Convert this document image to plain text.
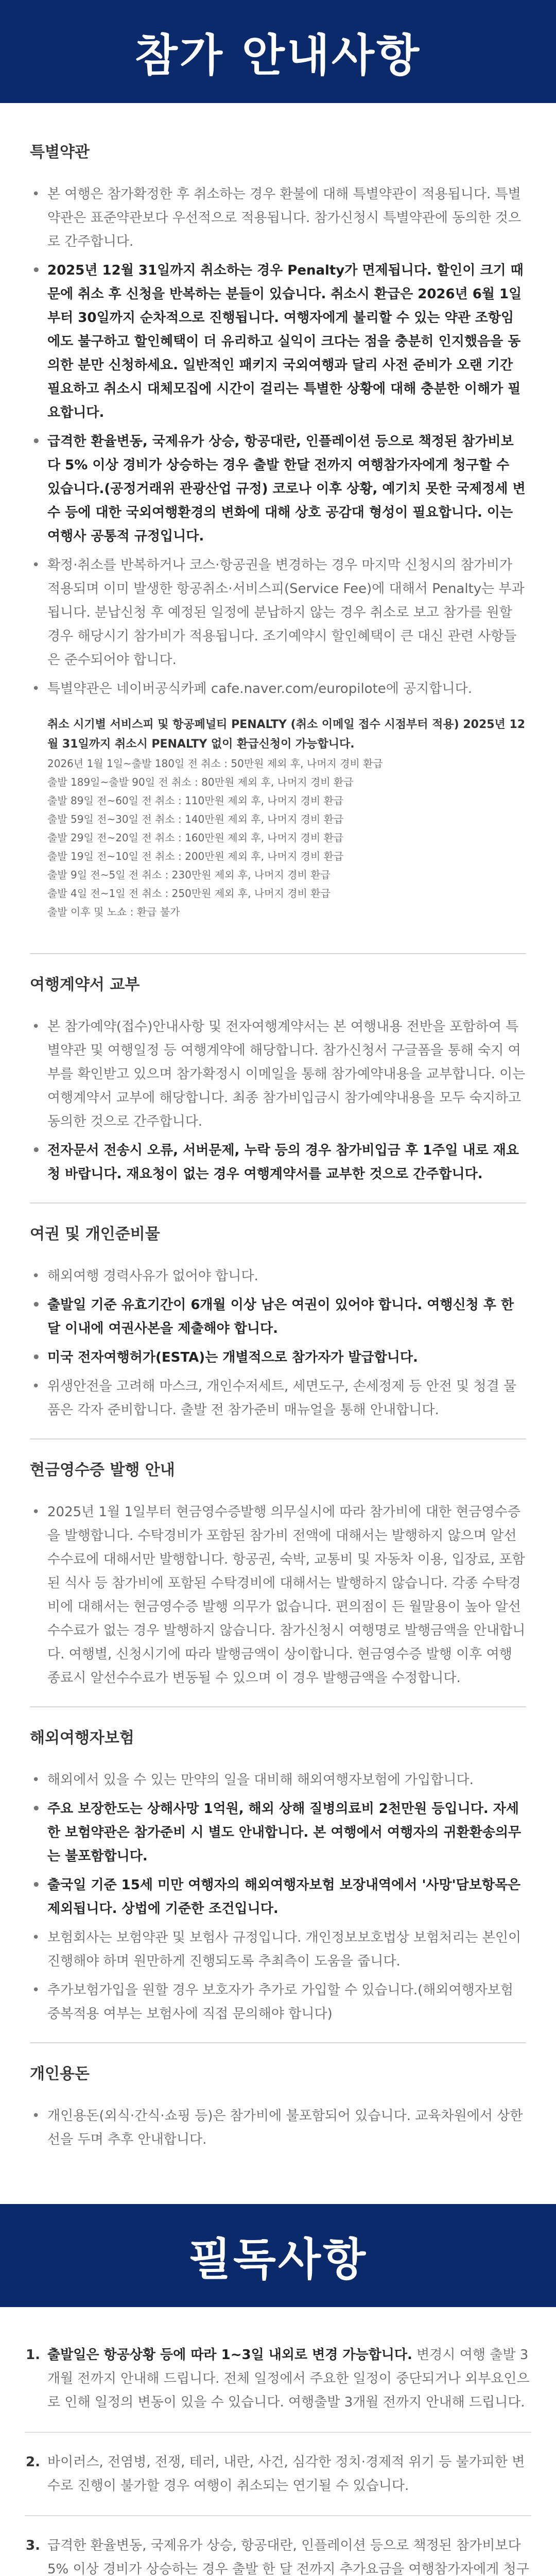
참가 안내사항
특별약관
• 본 여행은 참가확정한 후 취소하는 경우 환불에 대해 특별약관이 적용됩니다. 특별약관은 표준약관보다 우선적으로 적용됩니다. 참가신청시 특별약관에 동의한 것으로 간주합니다.
• 2025년 12월 31일까지 취소하는 경우 Penalty가 면제됩니다. 할인이 크기 때문에 취소 후 신청을 반복하는 분들이 있습니다. 취소시 환급은 2026년 6월 1일부터 30일까지 순차적으로 진행됩니다. 여행자에게 불리할 수 있는 약관 조항임에도 불구하고 할인혜택이 더 유리하고 실익이 크다는 점을 충분히 인지했음을 동의한 분만 신청하세요. 일반적인 패키지 국외여행과 달리 사전 준비가 오랜 기간 필요하고 취소시 대체모집에 시간이 걸리는 특별한 상황에 대해 충분한 이해가 필요합니다.
• 급격한 환율변동, 국제유가 상승, 항공대란, 인플레이션 등으로 책정된 참가비보다 5% 이상 경비가 상승하는 경우 출발 한달 전까지 여행참가자에게 청구할 수 있습니다.(공정거래위 관광산업 규정) 코로나 이후 상황, 예기치 못한 국제정세 변수 등에 대한 국외여행환경의 변화에 대해 상호 공감대 형성이 필요합니다. 이는 여행사 공통적 규정입니다.
• 확정·취소를 반복하거나 코스·항공권을 변경하는 경우 마지막 신청시의 참가비가 적용되며 이미 발생한 항공취소·서비스피(Service Fee)에 대해서 Penalty는 부과됩니다. 분납신청 후 예정된 일정에 분납하지 않는 경우 취소로 보고 참가를 원할 경우 해당시기 참가비가 적용됩니다. 조기예약시 할인혜택이 큰 대신 관련 사항들은 준수되어야 합니다.
• 특별약관은 네이버공식카페 cafe.naver.com/europilote에 공지합니다.
취소 시기별 서비스피 및 항공페널티 PENALTY (취소 이메일 접수 시점부터 적용) 2025년 12월 31일까지 취소시 PENALTY 없이 환급신청이 가능합니다.
2026년 1월 1일~출발 180일 전 취소 : 50만원 제외 후, 나머지 경비 환급
출발 189일~출발 90일 전 취소 : 80만원 제외 후, 나머지 경비 환급
출발 89일 전~60일 전 취소 : 110만원 제외 후, 나머지 경비 환급
출발 59일 전~30일 전 취소 : 140만원 제외 후, 나머지 경비 환급
출발 29일 전~20일 전 취소 : 160만원 제외 후, 나머지 경비 환급
출발 19일 전~10일 전 취소 : 200만원 제외 후, 나머지 경비 환급
출발 9일 전~5일 전 취소 : 230만원 제외 후, 나머지 경비 환급
출발 4일 전~1일 전 취소 : 250만원 제외 후, 나머지 경비 환급
출발 이후 및 노쇼 : 환급 불가
여행계약서 교부
• 본 참가예약(접수)안내사항 및 전자여행계약서는 본 여행내용 전반을 포함하여 특별약관 및 여행일정 등 여행계약에 해당합니다. 참가신청서 구글폼을 통해 숙지 여부를 확인받고 있으며 참가확정시 이메일을 통해 참가예약내용을 교부합니다. 이는 여행계약서 교부에 해당합니다. 최종 참가비입금시 참가예약내용을 모두 숙지하고 동의한 것으로 간주합니다.
• 전자문서 전송시 오류, 서버문제, 누락 등의 경우 참가비입금 후 1주일 내로 재요청 바랍니다. 재요청이 없는 경우 여행계약서를 교부한 것으로 간주합니다.
여권 및 개인준비물
• 해외여행 경력사유가 없어야 합니다.
• 출발일 기준 유효기간이 6개월 이상 남은 여권이 있어야 합니다. 여행신청 후 한달 이내에 여권사본을 제출해야 합니다.
• 미국 전자여행허가(ESTA)는 개별적으로 참가자가 발급합니다.
• 위생안전을 고려해 마스크, 개인수저세트, 세면도구, 손세정제 등 안전 및 청결 물품은 각자 준비합니다. 출발 전 참가준비 매뉴얼을 통해 안내합니다.
현금영수증 발행 안내
• 2025년 1월 1일부터 현금영수증발행 의무실시에 따라 참가비에 대한 현금영수증을 발행합니다. 수탁경비가 포함된 참가비 전액에 대해서는 발행하지 않으며 알선수수료에 대해서만 발행합니다. 항공권, 숙박, 교통비 및 자동차 이용, 입장료, 포함된 식사 등 참가비에 포함된 수탁경비에 대해서는 발행하지 않습니다. 각종 수탁경비에 대해서는 현금영수증 발행 의무가 없습니다. 편의점이 든 월말용이 높아 알선수수료가 없는 경우 발행하지 않습니다. 참가신청시 여행명로 발행금액을 안내합니다. 여행별, 신청시기에 따라 발행금액이 상이합니다. 현금영수증 발행 이후 여행 종료시 알선수수료가 변동될 수 있으며 이 경우 발행금액을 수정합니다.
해외여행자보험
• 해외에서 있을 수 있는 만약의 일을 대비해 해외여행자보험에 가입합니다.
• 주요 보장한도는 상해사망 1억원, 해외 상해 질병의료비 2천만원 등입니다. 자세한 보험약관은 참가준비 시 별도 안내합니다. 본 여행에서 여행자의 귀환환송의무는 불포함합니다.
• 출국일 기준 15세 미만 여행자의 해외여행자보험 보장내역에서 '사망'담보항목은 제외됩니다. 상법에 기준한 조건입니다.
• 보험회사는 보험약관 및 보험사 규정입니다. 개인정보보호법상 보험처리는 본인이 진행해야 하며 원만하게 진행되도록 추최측이 도움을 줍니다.
• 추가보험가입을 원할 경우 보호자가 추가로 가입할 수 있습니다.(해외여행자보험 중복적용 여부는 보험사에 직접 문의해야 합니다)
개인용돈
• 개인용돈(외식·간식·쇼핑 등)은 참가비에 불포함되어 있습니다. 교육차원에서 상한선을 두며 추후 안내합니다.
필독사항
1. 출발일은 항공상황 등에 따라 1~3일 내외로 변경 가능합니다. 변경시 여행 출발 3개월 전까지 안내해 드립니다. 전체 일정에서 주요한 일정이 중단되거나 외부요인으로 인해 일정의 변동이 있을 수 있습니다. 여행출발 3개월 전까지 안내해 드립니다.
2. 바이러스, 전염병, 전쟁, 테러, 내란, 사건, 심각한 정치·경제적 위기 등 불가피한 변수로 진행이 불가할 경우 여행이 취소되는 연기될 수 있습니다.
3. 급격한 환율변동, 국제유가 상승, 항공대란, 인플레이션 등으로 책정된 참가비보다 5% 이상 경비가 상승하는 경우 출발 한 달 전까지 추가요금을 여행참가자에게 청구
